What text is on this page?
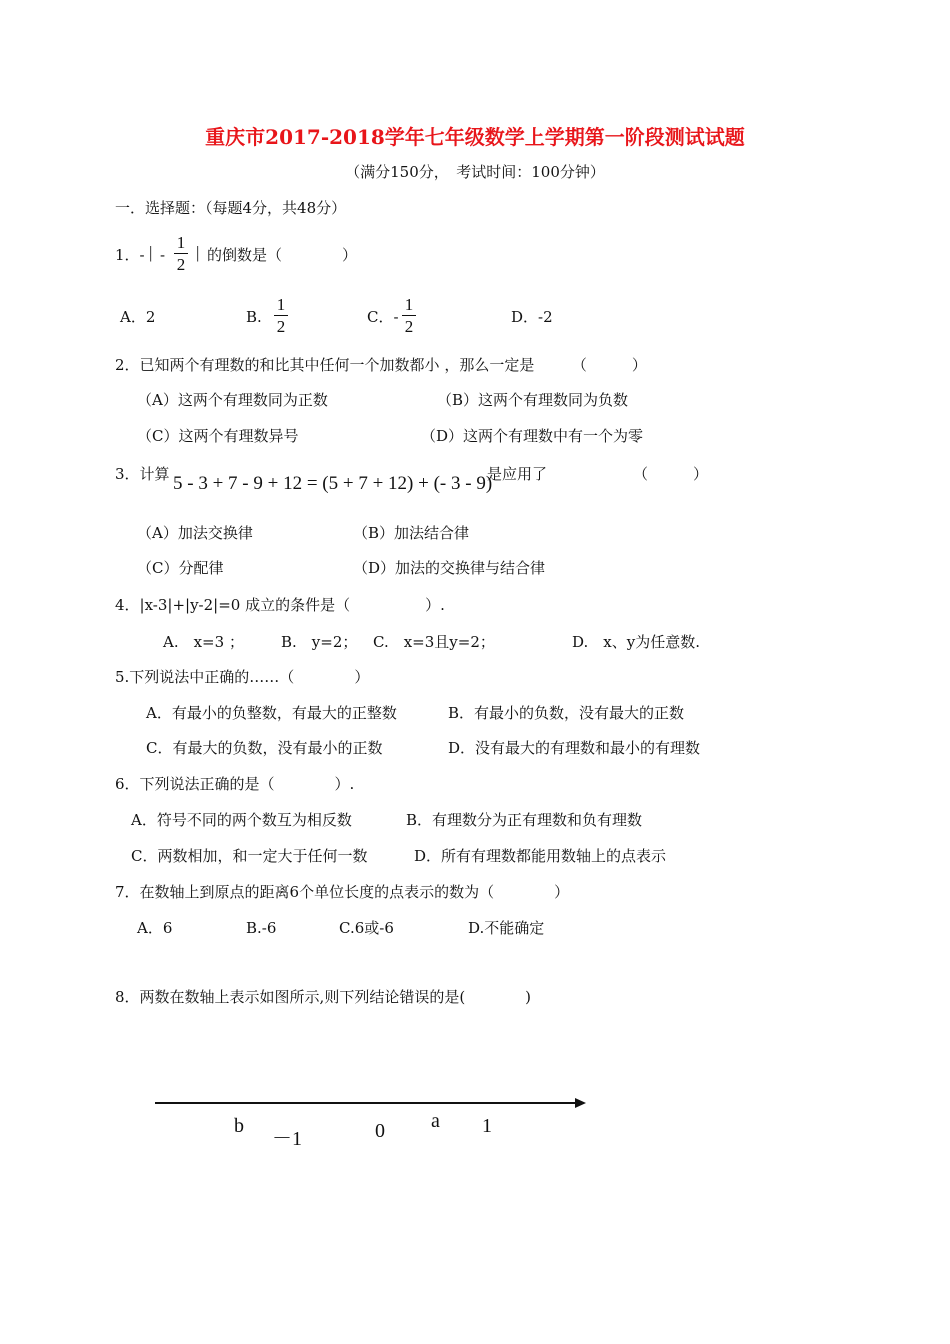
重庆市2017-2018学年七年级数学上学期第一阶段测试试题
（满分150分，　考试时间：100分钟）
一．选择题：（每题4分，共48分）
1．- | -
1
2
| 的倒数是（　　　　）
A．2	B.
1
2	C．-
1
2	D．-2
2．已知两个有理数的和比其中任何一个加数都小 ，那么一定是　　　（　　　）
（A）这两个有理数同为正数	（B）这两个有理数同为负数
（C）这两个有理数异号	（D）这两个有理数中有一个为零
3．计算 5 - 3 + 7 - 9 + 12 = (5 + 7 + 12) + (- 3 - 9)
是应用了	（　　　）
（A）加法交换律	（B）加法结合律
（C）分配律	（D）加法的交换律与结合律
4．|x-3|+|y-2|=0 成立的条件是（　　　　　）.
A.　x=3 ； B.　y=2； C.　x=3且y=2；	D.　x、y为任意数.
5.下列说法中正确的……（　　　　）
A．有最小的负整数，有最大的正整数	B．有最小的负数，没有最大的正数
C．有最大的负数，没有最小的正数	D．没有最大的有理数和最小的有理数
6．下列说法正确的是（　　　　）.
A．符号不同的两个数互为相反数	B．有理数分为正有理数和负有理数
C．两数相加，和一定大于任何一数	D．所有有理数都能用数轴上的点表示
7．在数轴上到原点的距离6个单位长度的点表示的数为（　　　　）
A．6	B.-6	C.6或-6	D.不能确定
8．两数在数轴上表示如图所示,则下列结论错误的是(　　　　)
b
－1	0 a 1
